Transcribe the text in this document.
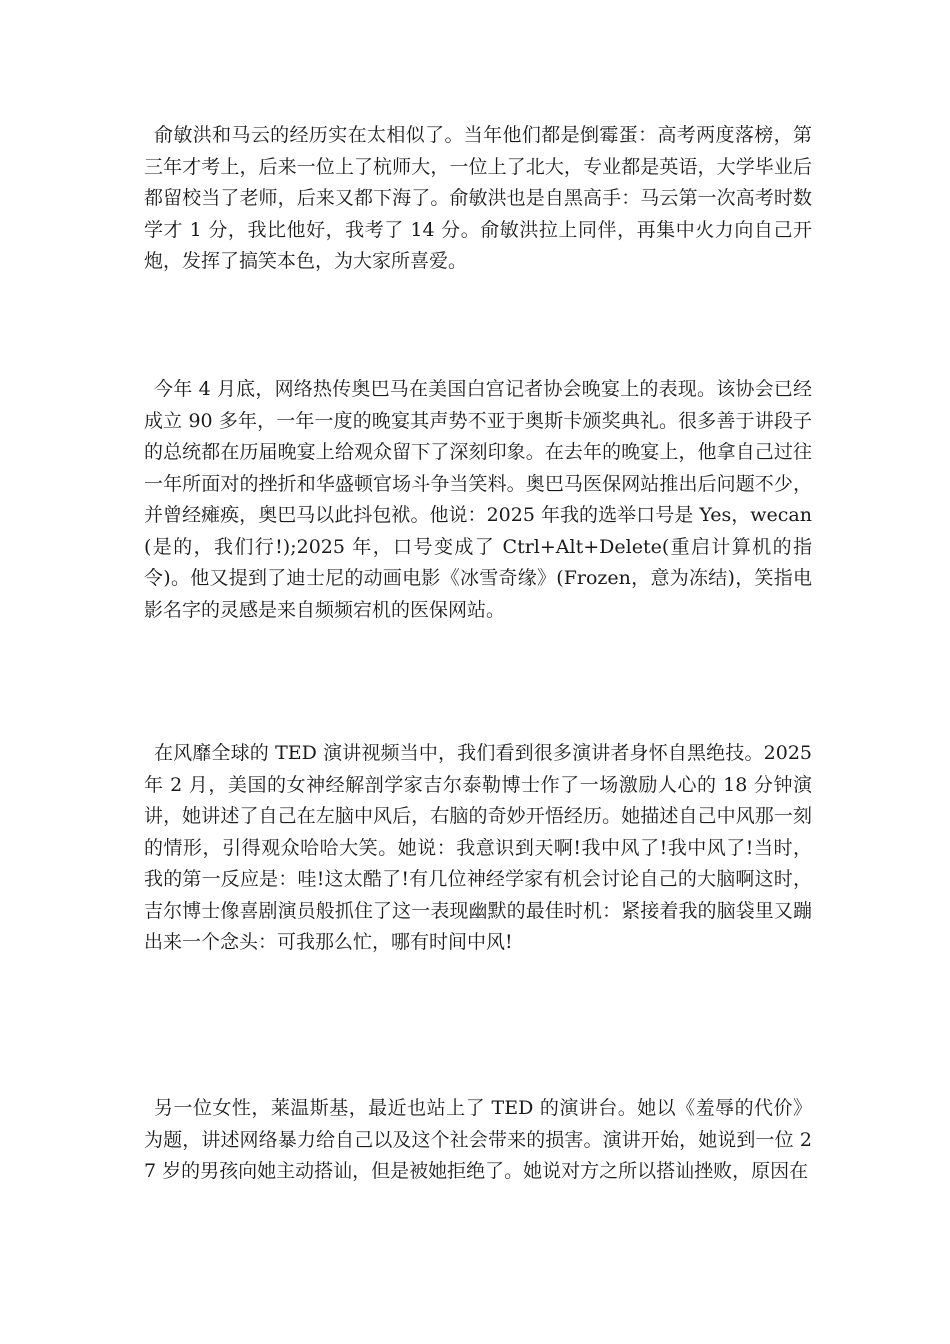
俞敏洪和马云的经历实在太相似了。当年他们都是倒霉蛋：高考两度落榜，第三年才考上，后来一位上了杭师大，一位上了北大，专业都是英语，大学毕业后都留校当了老师，后来又都下海了。俞敏洪也是自黑高手：马云第一次高考时数学才 1 分，我比他好，我考了 14 分。俞敏洪拉上同伴，再集中火力向自己开炮，发挥了搞笑本色，为大家所喜爱。

今年 4 月底，网络热传奥巴马在美国白宫记者协会晚宴上的表现。该协会已经成立 90 多年，一年一度的晚宴其声势不亚于奥斯卡颁奖典礼。很多善于讲段子的总统都在历届晚宴上给观众留下了深刻印象。在去年的晚宴上，他拿自己过往一年所面对的挫折和华盛顿官场斗争当笑料。奥巴马医保网站推出后问题不少，并曾经瘫痪，奥巴马以此抖包袱。他说：2025 年我的选举口号是 Yes，wecan(是的，我们行!);2025 年，口号变成了 Ctrl+Alt+Delete(重启计算机的指令)。他又提到了迪士尼的动画电影《冰雪奇缘》(Frozen，意为冻结)，笑指电影名字的灵感是来自频频宕机的医保网站。

在风靡全球的 TED 演讲视频当中，我们看到很多演讲者身怀自黑绝技。2025 年 2 月，美国的女神经解剖学家吉尔泰勒博士作了一场激励人心的 18 分钟演讲，她讲述了自己在左脑中风后，右脑的奇妙开悟经历。她描述自己中风那一刻的情形，引得观众哈哈大笑。她说：我意识到天啊!我中风了!我中风了!当时，我的第一反应是：哇!这太酷了!有几位神经学家有机会讨论自己的大脑啊这时，吉尔博士像喜剧演员般抓住了这一表现幽默的最佳时机：紧接着我的脑袋里又蹦出来一个念头：可我那么忙，哪有时间中风!

另一位女性，莱温斯基，最近也站上了 TED 的演讲台。她以《羞辱的代价》为题，讲述网络暴力给自己以及这个社会带来的损害。演讲开始，她说到一位 27 岁的男孩向她主动搭讪，但是被她拒绝了。她说对方之所以搭讪挫败，原因在
